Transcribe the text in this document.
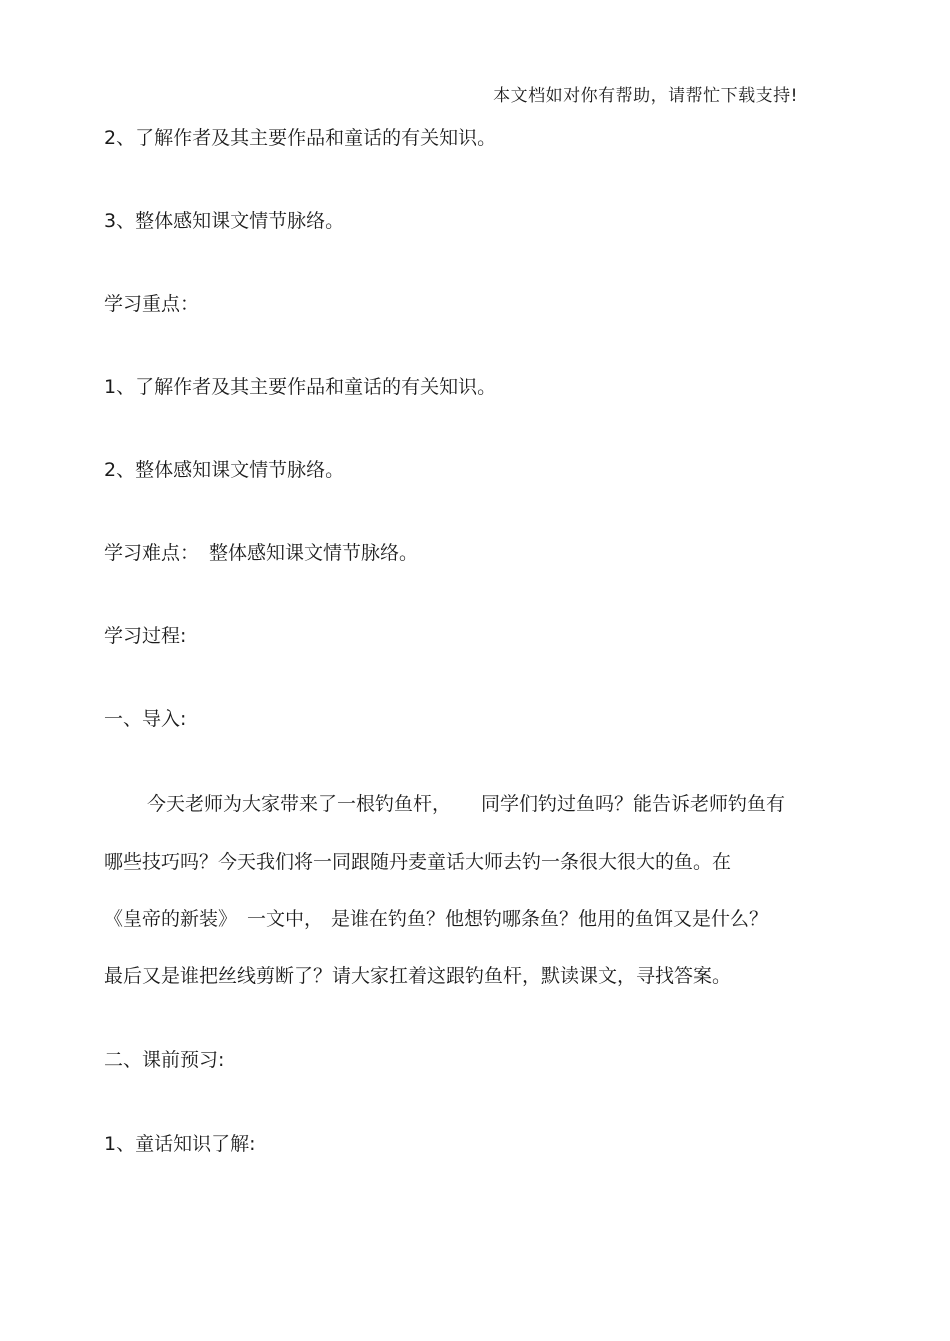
本文档如对你有帮助，请帮忙下载支持!
2、了解作者及其主要作品和童话的有关知识。
3、整体感知课文情节脉络。
学习重点：
1、了解作者及其主要作品和童话的有关知识。
2、整体感知课文情节脉络。
学习难点： 整体感知课文情节脉络。
学习过程:
一、导入:
今天老师为大家带来了一根钓鱼杆， 同学们钓过鱼吗？能告诉老师钓鱼有
哪些技巧吗？今天我们将一同跟随丹麦童话大师去钓一条很大很大的鱼。在
《皇帝的新装》 一文中， 是谁在钓鱼？他想钓哪条鱼？他用的鱼饵又是什么？
最后又是谁把丝线剪断了？请大家扛着这跟钓鱼杆，默读课文，寻找答案。
二、课前预习:
1、童话知识了解:
